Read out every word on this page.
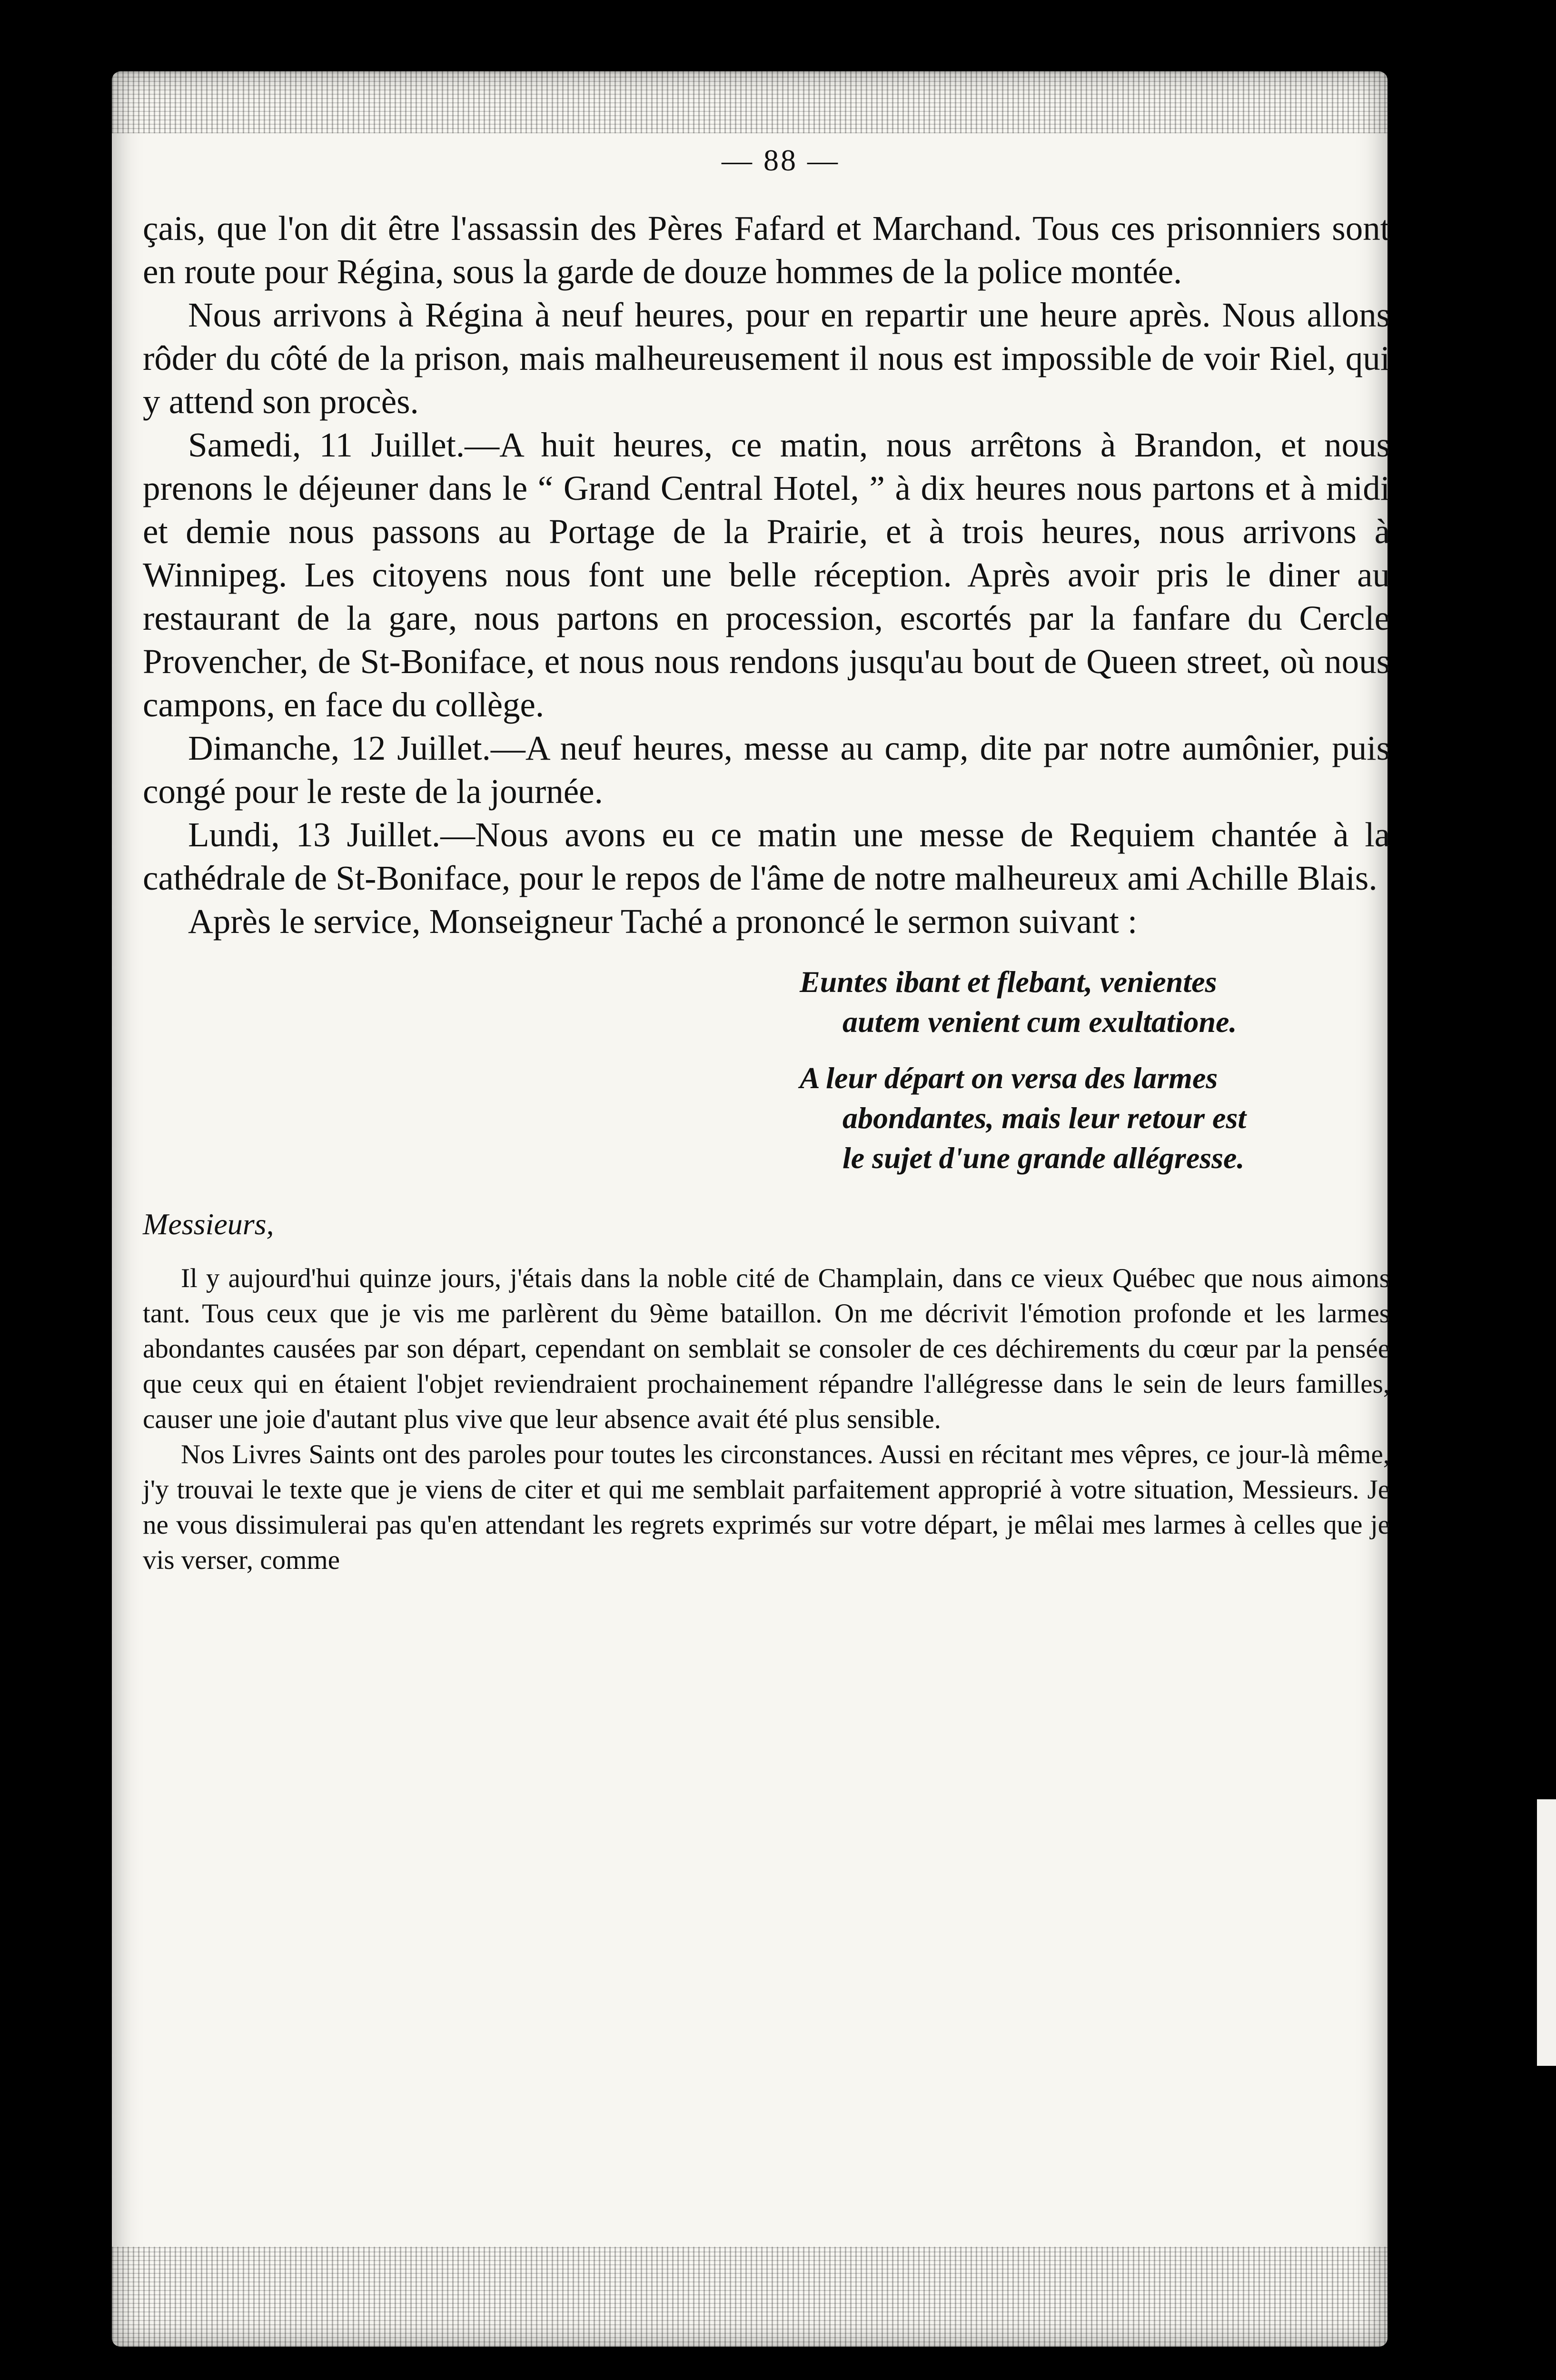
— 88 —

çais, que l'on dit être l'assassin des Pères Fafard et Marchand. Tous ces prisonniers sont en route pour Régina, sous la garde de douze hommes de la police montée.

Nous arrivons à Régina à neuf heures, pour en repartir une heure après. Nous allons rôder du côté de la prison, mais malheureusement il nous est impossible de voir Riel, qui y attend son procès.

Samedi, 11 Juillet.—A huit heures, ce matin, nous arrêtons à Brandon, et nous prenons le déjeuner dans le “ Grand Central Hotel, ” à dix heures nous partons et à midi et demie nous passons au Portage de la Prairie, et à trois heures, nous arrivons à Winnipeg. Les citoyens nous font une belle réception. Après avoir pris le diner au restaurant de la gare, nous partons en procession, escortés par la fanfare du Cercle Provencher, de St-Boniface, et nous nous rendons jusqu'au bout de Queen street, où nous campons, en face du collège.

Dimanche, 12 Juillet.—A neuf heures, messe au camp, dite par notre aumônier, puis congé pour le reste de la journée.

Lundi, 13 Juillet.—Nous avons eu ce matin une messe de Requiem chantée à la cathédrale de St-Boniface, pour le repos de l'âme de notre malheureux ami Achille Blais.

Après le service, Monseigneur Taché a prononcé le sermon suivant :

Euntes ibant et flebant, venientes
autem venient cum exultatione.
A leur départ on versa des larmes
abondantes, mais leur retour est
le sujet d'une grande allégresse.
Messieurs,

Il y aujourd'hui quinze jours, j'étais dans la noble cité de Champlain, dans ce vieux Québec que nous aimons tant. Tous ceux que je vis me parlèrent du 9ème bataillon. On me décrivit l'émotion profonde et les larmes abondantes causées par son départ, cependant on semblait se consoler de ces déchirements du cœur par la pensée que ceux qui en étaient l'objet reviendraient prochainement répandre l'allégresse dans le sein de leurs familles, causer une joie d'autant plus vive que leur absence avait été plus sensible.

Nos Livres Saints ont des paroles pour toutes les circonstances. Aussi en récitant mes vêpres, ce jour-là même, j'y trouvai le texte que je viens de citer et qui me semblait parfaitement approprié à votre situation, Messieurs. Je ne vous dissimulerai pas qu'en attendant les regrets exprimés sur votre départ, je mêlai mes larmes à celles que je vis verser, comme
